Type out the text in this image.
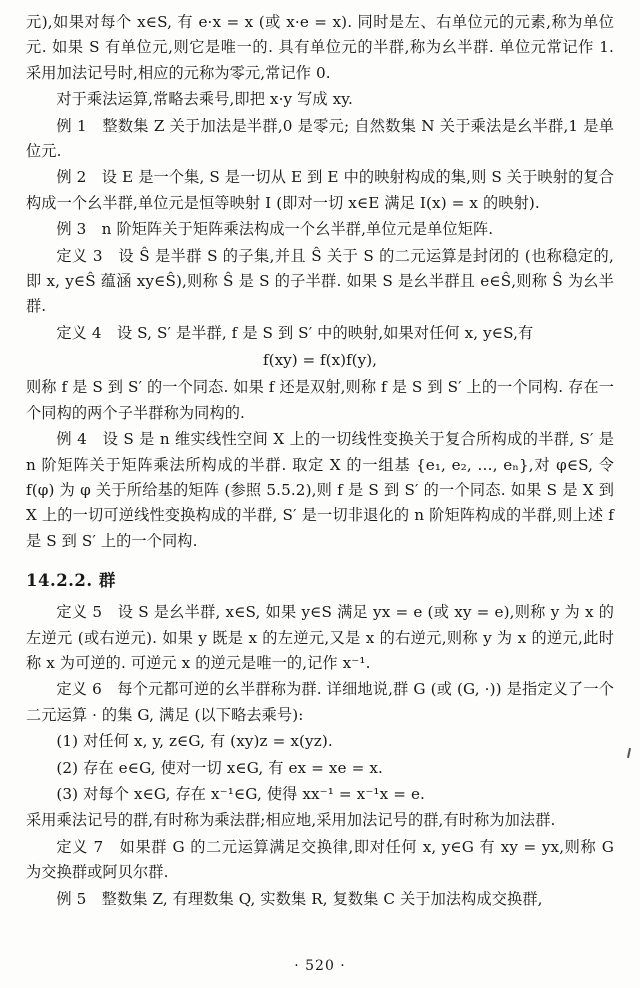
元),如果对每个 x∈S, 有 e·x = x (或 x·e = x). 同时是左、右单位元的元素,称为单位元. 如果 S 有单位元,则它是唯一的. 具有单位元的半群,称为幺半群. 单位元常记作 1. 采用加法记号时,相应的元称为零元,常记作 0.

对于乘法运算,常略去乘号,即把 x·y 写成 xy.

例 1　整数集 Z 关于加法是半群,0 是零元; 自然数集 N 关于乘法是幺半群,1 是单位元.

例 2　设 E 是一个集, S 是一切从 E 到 E 中的映射构成的集,则 S 关于映射的复合构成一个幺半群,单位元是恒等映射 I (即对一切 x∈E 满足 I(x) = x 的映射).

例 3　n 阶矩阵关于矩阵乘法构成一个幺半群,单位元是单位矩阵.

定义 3　设 Ŝ 是半群 S 的子集,并且 Ŝ 关于 S 的二元运算是封闭的 (也称稳定的,即 x, y∈Ŝ 蕴涵 xy∈Ŝ),则称 Ŝ 是 S 的子半群. 如果 S 是幺半群且 e∈Ŝ,则称 Ŝ 为幺半群.

定义 4　设 S, S′ 是半群, f 是 S 到 S′ 中的映射,如果对任何 x, y∈S,有

f(xy) = f(x)f(y),

则称 f 是 S 到 S′ 的一个同态. 如果 f 还是双射,则称 f 是 S 到 S′ 上的一个同构. 存在一个同构的两个子半群称为同构的.

例 4　设 S 是 n 维实线性空间 X 上的一切线性变换关于复合所构成的半群, S′ 是 n 阶矩阵关于矩阵乘法所构成的半群. 取定 X 的一组基 {e₁, e₂, …, eₙ},对 φ∈S, 令 f(φ) 为 φ 关于所给基的矩阵 (参照 5.5.2),则 f 是 S 到 S′ 的一个同态. 如果 S 是 X 到 X 上的一切可逆线性变换构成的半群, S′ 是一切非退化的 n 阶矩阵构成的半群,则上述 f 是 S 到 S′ 上的一个同构.

14.2.2. 群

定义 5　设 S 是幺半群, x∈S, 如果 y∈S 满足 yx = e (或 xy = e),则称 y 为 x 的左逆元 (或右逆元). 如果 y 既是 x 的左逆元,又是 x 的右逆元,则称 y 为 x 的逆元,此时称 x 为可逆的. 可逆元 x 的逆元是唯一的,记作 x⁻¹.

定义 6　每个元都可逆的幺半群称为群. 详细地说,群 G (或 (G, ·)) 是指定义了一个二元运算 · 的集 G, 满足 (以下略去乘号):

(1) 对任何 x, y, z∈G, 有 (xy)z = x(yz).

(2) 存在 e∈G, 使对一切 x∈G, 有 ex = xe = x.

(3) 对每个 x∈G, 存在 x⁻¹∈G, 使得 xx⁻¹ = x⁻¹x = e.

采用乘法记号的群,有时称为乘法群;相应地,采用加法记号的群,有时称为加法群.

定义 7　如果群 G 的二元运算满足交换律,即对任何 x, y∈G 有 xy = yx,则称 G 为交换群或阿贝尔群.

例 5　整数集 Z, 有理数集 Q, 实数集 R, 复数集 C 关于加法构成交换群,

· 520 ·
